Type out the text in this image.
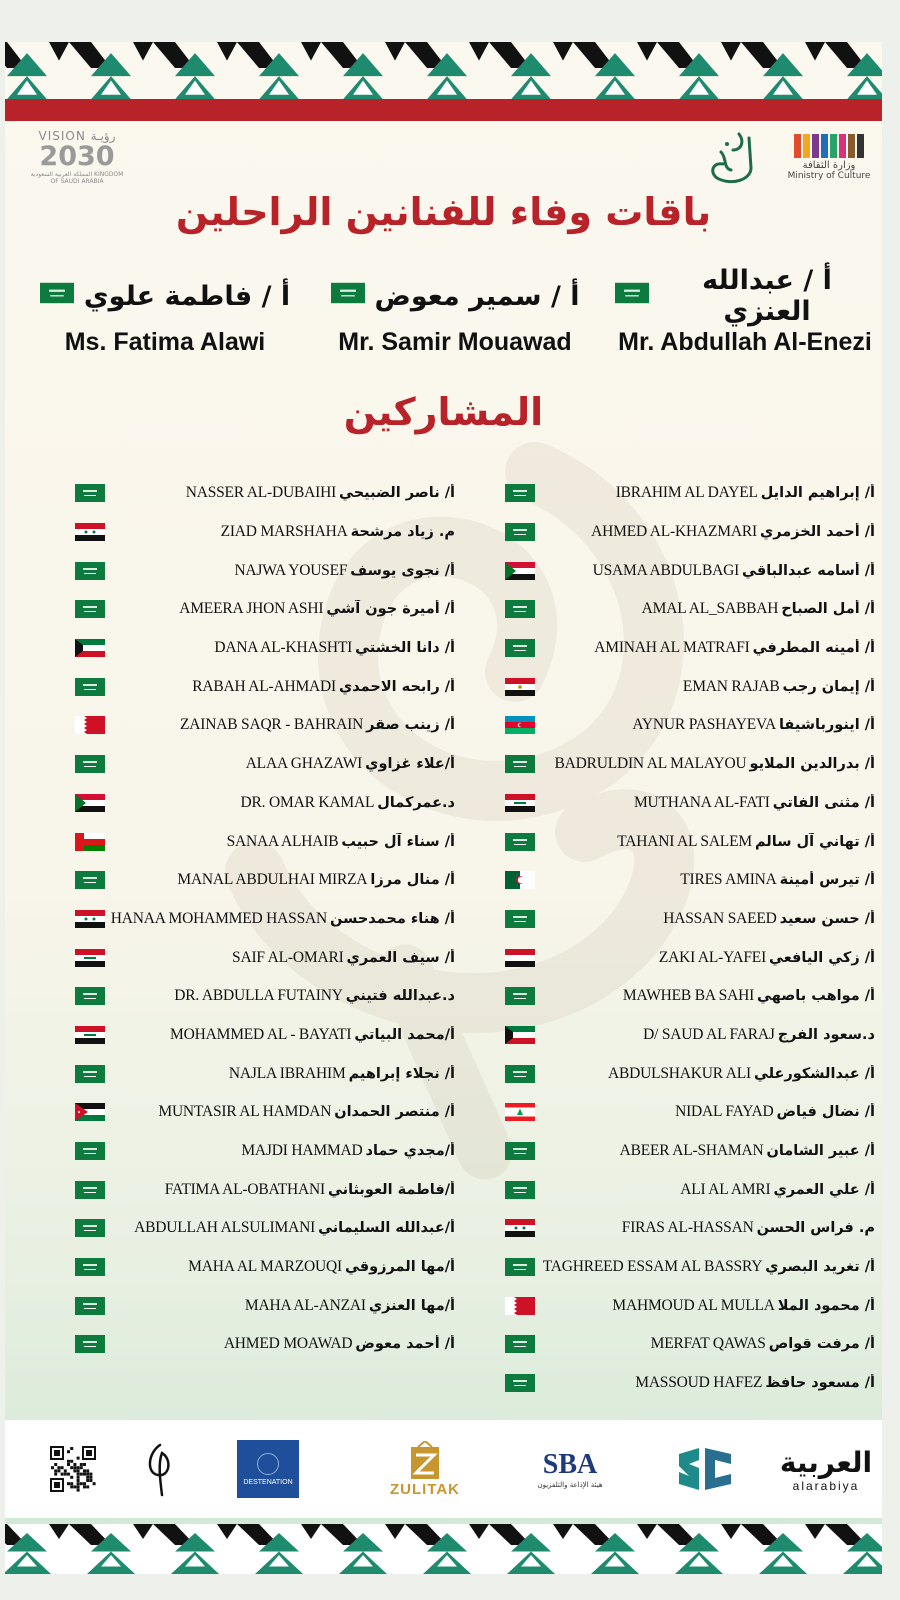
VISION رؤيـة
2030
المملكة العربية السعودية KINGDOM OF SAUDI ARABIA
وزارة الثقافة
Ministry of Culture
باقات وفاء للفنانين الراحلين
أ / عبدالله العنزي
Mr. Abdullah Al-Enezi
أ / سمير معوض
Mr. Samir Mouawad
أ / فاطمة علوي
Ms. Fatima Alawi
المشاركين
IBRAHIM AL DAYEL أ/ إبراهيم الدايل
AHMED AL-KHAZMARI أ/ أحمد الخزمري
USAMA ABDULBAGI أ/ أسامه عبدالباقي
AMAL AL_SABBAH أ/ أمل الصباح
AMINAH AL MATRAFI أ/ أمينه المطرفي
EMAN RAJAB أ/ إيمان رجب
AYNUR PASHAYEVA أ/ اينورباشيفا
BADRULDIN AL MALAYOU أ/ بدرالدين الملايو
MUTHANA AL-FATI أ/ مثنى الفاتي
TAHANI AL SALEM أ/ تهاني آل سالم
TIRES AMINA أ/ تيرس أمينة
HASSAN SAEED أ/ حسن سعيد
ZAKI AL-YAFEI أ/ زكي اليافعي
MAWHEB BA SAHI أ/ مواهب باصهي
D/ SAUD AL FARAJ د.سعود الفرج
ABDULSHAKUR ALI أ/ عبدالشكورعلي
NIDAL FAYAD أ/ نضال فياض
ABEER AL-SHAMAN أ/ عبير الشامان
ALI AL AMRI أ/ علي العمري
FIRAS AL-HASSAN م. فراس الحسن
TAGHREED ESSAM AL BASSRY أ/ تغريد البصري
MAHMOUD AL MULLA أ/ محمود الملا
MERFAT QAWAS أ/ مرفت قواص
MASSOUD HAFEZ أ/ مسعود حافظ
NASSER AL-DUBAIHI أ/ ناصر الضبيحي
ZIAD MARSHAHA م. زياد مرشحة
NAJWA YOUSEF أ/ نجوى يوسف
AMEERA JHON ASHI أ/ أميرة جون آشي
DANA AL-KHASHTI أ/ دانا الخشتي
RABAH AL-AHMADI أ/ رابحه الاحمدي
ZAINAB SAQR - BAHRAIN أ/ زينب صقر
ALAA GHAZAWI أ/علاء غزاوي
DR. OMAR KAMAL د.عمركمال
SANAA ALHAIB أ/ سناء آل حبيب
MANAL ABDULHAI MIRZA أ/ منال مرزا
HANAA MOHAMMED HASSAN أ/ هناء محمدحسن
SAIF AL-OMARI أ/ سيف العمري
DR. ABDULLA FUTAINY د.عبدالله فتيني
MOHAMMED AL - BAYATI أ/محمد البياتي
NAJLA IBRAHIM أ/ نجلاء إبراهيم
MUNTASIR AL HAMDAN أ/ منتصر الحمدان
MAJDI HAMMAD أ/مجدي حماد
FATIMA AL-OBATHANI أ/فاطمة العوبثاني
ABDULLAH ALSULIMANI أ/عبدالله السليماني
MAHA AL MARZOUQI أ/مها المرزوقي
MAHA AL-ANZAI أ/مها العنزي
AHMED MOAWAD أ/ أحمد معوض
العربية
alarabiya
SBA
هيئة الإذاعة والتلفزيون
ZULITAK
DESTENATION
